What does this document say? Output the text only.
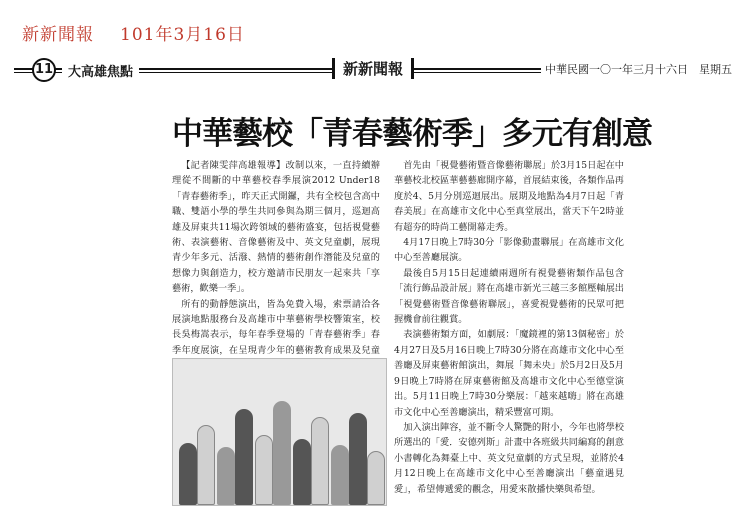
新新聞報 101年3月16日
11	大高雄焦點	新新聞報	中華民國一〇一年三月十六日　星期五
中華藝校「青春藝術季」多元有創意

【記者陳雯萍高雄報導】改制以來，一直持續辦理從不間斷的中華藝校春季展演2012 Under18「青春藝術季」，昨天正式開鑼，共有全校包含高中職、雙語小學的學生共同參與為期三個月，巡迴高雄及屏東共11場次跨領域的藝術盛宴，包括視覺藝術、表演藝術、音像藝術及中、英文兒童劇，展現青少年多元、活潑、熱情的藝術創作潛能及兒童的想像力與創造力，校方邀請市民朋友一起來共「享藝術，歡樂一季」。

所有的動靜態演出，皆為免費入場，索票請洽各展演地點服務台及高雄市中華藝術學校響策室，校長吳梅嵩表示，每年春季登場的「青春藝術季」春季年度展演，在呈現青少年的藝術教育成果及兒童

首先由「視覺藝術暨音像藝術聯展」於3月15日起在中華藝校北校區華藝藝廊開序幕，首展結束後，各類作品再度於4、5月分別巡迴展出。展期及地點為4月7日起「青春美展」在高雄市文化中心至真堂展出，當天下午2時並有超夯的時尚工藝開幕走秀。

4月17日晚上7時30分「影像動畫聯展」在高雄市文化中心至善廳展演。

最後自5月15日起連續兩週所有視覺藝術類作品包含「流行飾品設計展」將在高雄市新光三越三多館壓軸展出「視覺藝術暨音像藝術聯展」，喜愛視覺藝術的民眾可把握機會前往觀賞。

表演藝術類方面，如劇展：「魔鏡裡的第13個秘密」於4月27日及5月16日晚上7時30分將在高雄市文化中心至善廳及屏東藝術館演出，舞展「舞未央」於5月2日及5月9日晚上7時將在屏東藝術館及高雄市文化中心至德堂演出。5月11日晚上7時30分樂展：「越來越嗨」將在高雄市文化中心至善廳演出，精采豐富可期。

加入演出陣容，並不斷令人驚艷的附小，今年也將學校所選出的「愛．安德列斯」計畫中各班級共同編寫的創意小書轉化為舞臺上中、英文兒童劇的方式呈現，並將於4月12日晚上在高雄市文化中心至善廳演出「藝童遇見愛」，希望傳遞愛的觀念，用愛來散播快樂與希望。
